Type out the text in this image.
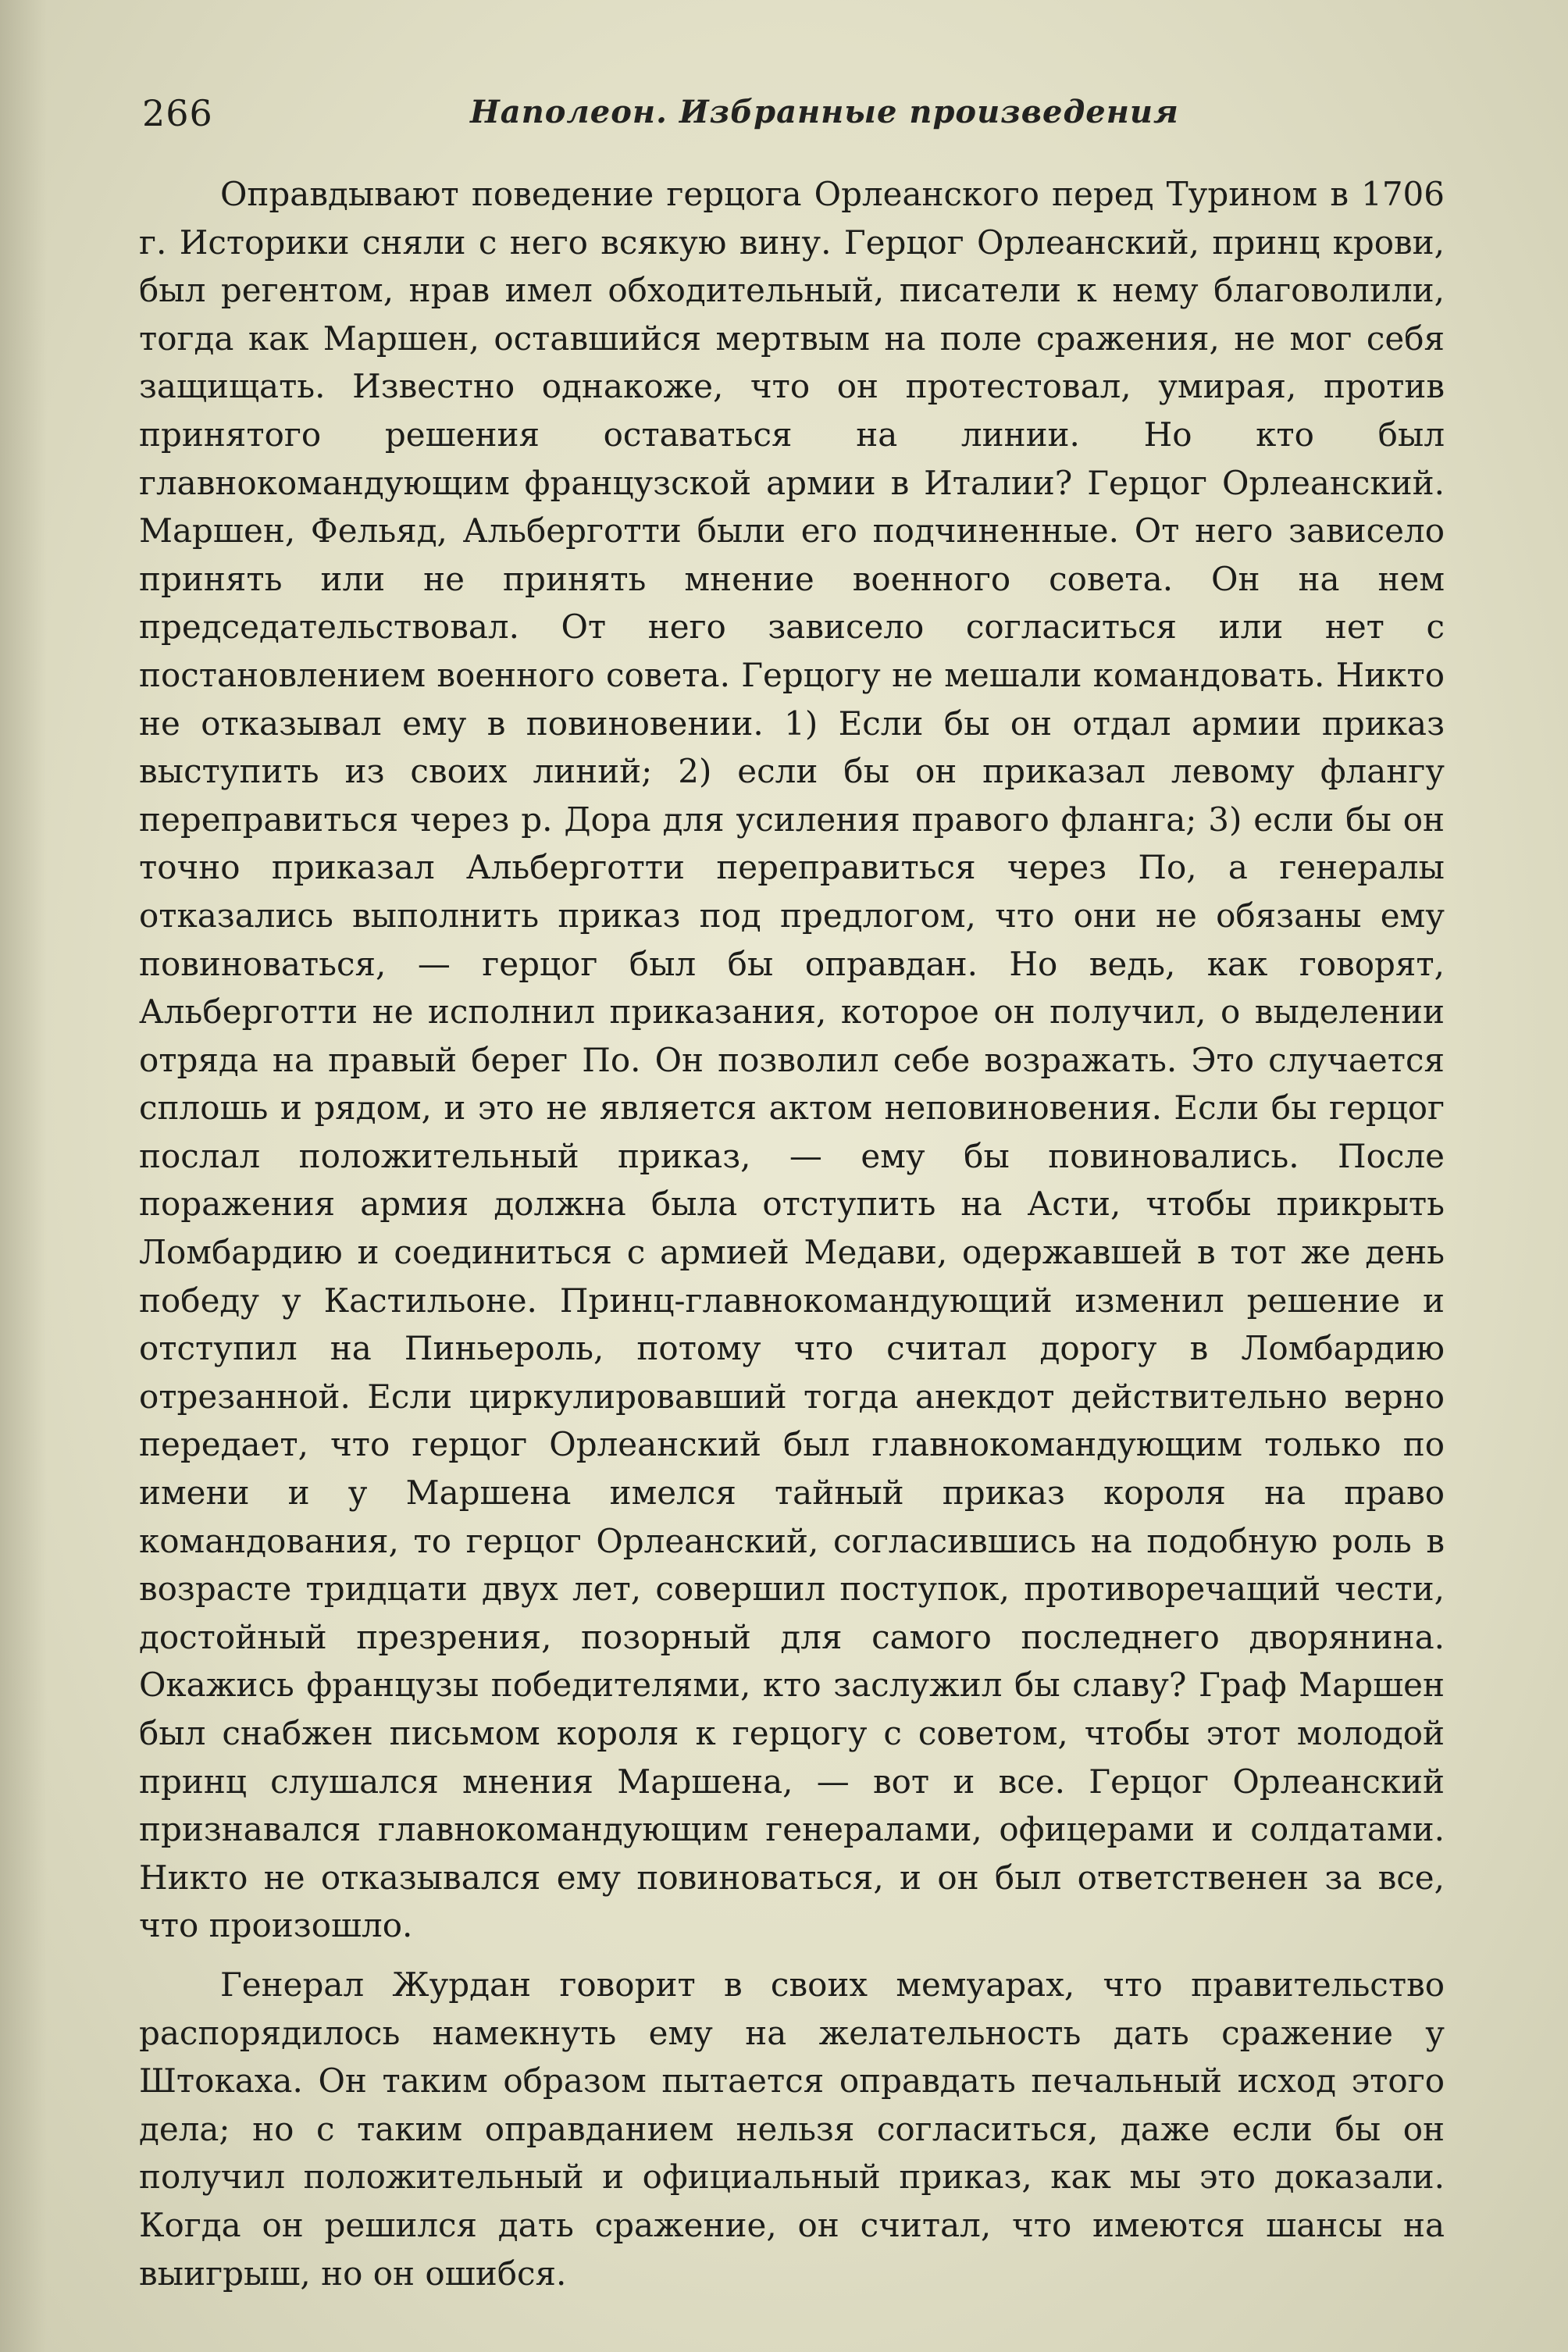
266	Наполеон. Избранные произведения

Оправдывают поведение герцога Орлеанского перед Турином в 1706 г. Историки сняли с него всякую вину. Герцог Орлеанский, принц крови, был регентом, нрав имел обходительный, писатели к нему благоволили, тогда как Маршен, оставшийся мертвым на поле сражения, не мог себя защищать. Известно однакоже, что он протестовал, умирая, против принятого решения оставаться на линии. Но кто был главнокомандующим французской армии в Италии? Герцог Орлеанский. Маршен, Фельяд, Альберготти были его подчиненные. От него зависело принять или не принять мнение военного совета. Он на нем председательствовал. От него зависело согласиться или нет с постановлением военного совета. Герцогу не мешали командовать. Никто не отказывал ему в повиновении. 1) Если бы он отдал армии приказ выступить из своих линий; 2) если бы он приказал левому флангу переправиться через р. Дора для усиления правого фланга; 3) если бы он точно приказал Альберготти переправиться через По, а генералы отказались выполнить приказ под предлогом, что они не обязаны ему повиноваться, — герцог был бы оправдан. Но ведь, как говорят, Альберготти не исполнил приказания, которое он получил, о выделении отряда на правый берег По. Он позволил себе возражать. Это случается сплошь и рядом, и это не является актом неповиновения. Если бы герцог послал положительный приказ, — ему бы повиновались. После поражения армия должна была отступить на Асти, чтобы прикрыть Ломбардию и соединиться с армией Медави, одержавшей в тот же день победу у Кастильоне. Принц-главнокомандующий изменил решение и отступил на Пиньероль, потому что считал дорогу в Ломбардию отрезанной. Если циркулировавший тогда анекдот действительно верно передает, что герцог Орлеанский был главнокомандующим только по имени и у Маршена имелся тайный приказ короля на право командования, то герцог Орлеанский, согласившись на подобную роль в возрасте тридцати двух лет, совершил поступок, противоречащий чести, достойный презрения, позорный для самого последнего дворянина. Окажись французы победителями, кто заслужил бы славу? Граф Маршен был снабжен письмом короля к герцогу с советом, чтобы этот молодой принц слушался мнения Маршена, — вот и все. Герцог Орлеанский признавался главнокомандующим генералами, офицерами и солдатами. Никто не отказывался ему повиноваться, и он был ответственен за все, что произошло.

Генерал Журдан говорит в своих мемуарах, что правительство распорядилось намекнуть ему на желательность дать сражение у Штокаха. Он таким образом пытается оправдать печальный исход этого дела; но с таким оправданием нельзя согласиться, даже если бы он получил положительный и официальный приказ, как мы это доказали. Когда он решился дать сражение, он считал, что имеются шансы на выигрыш, но он ошибся.
